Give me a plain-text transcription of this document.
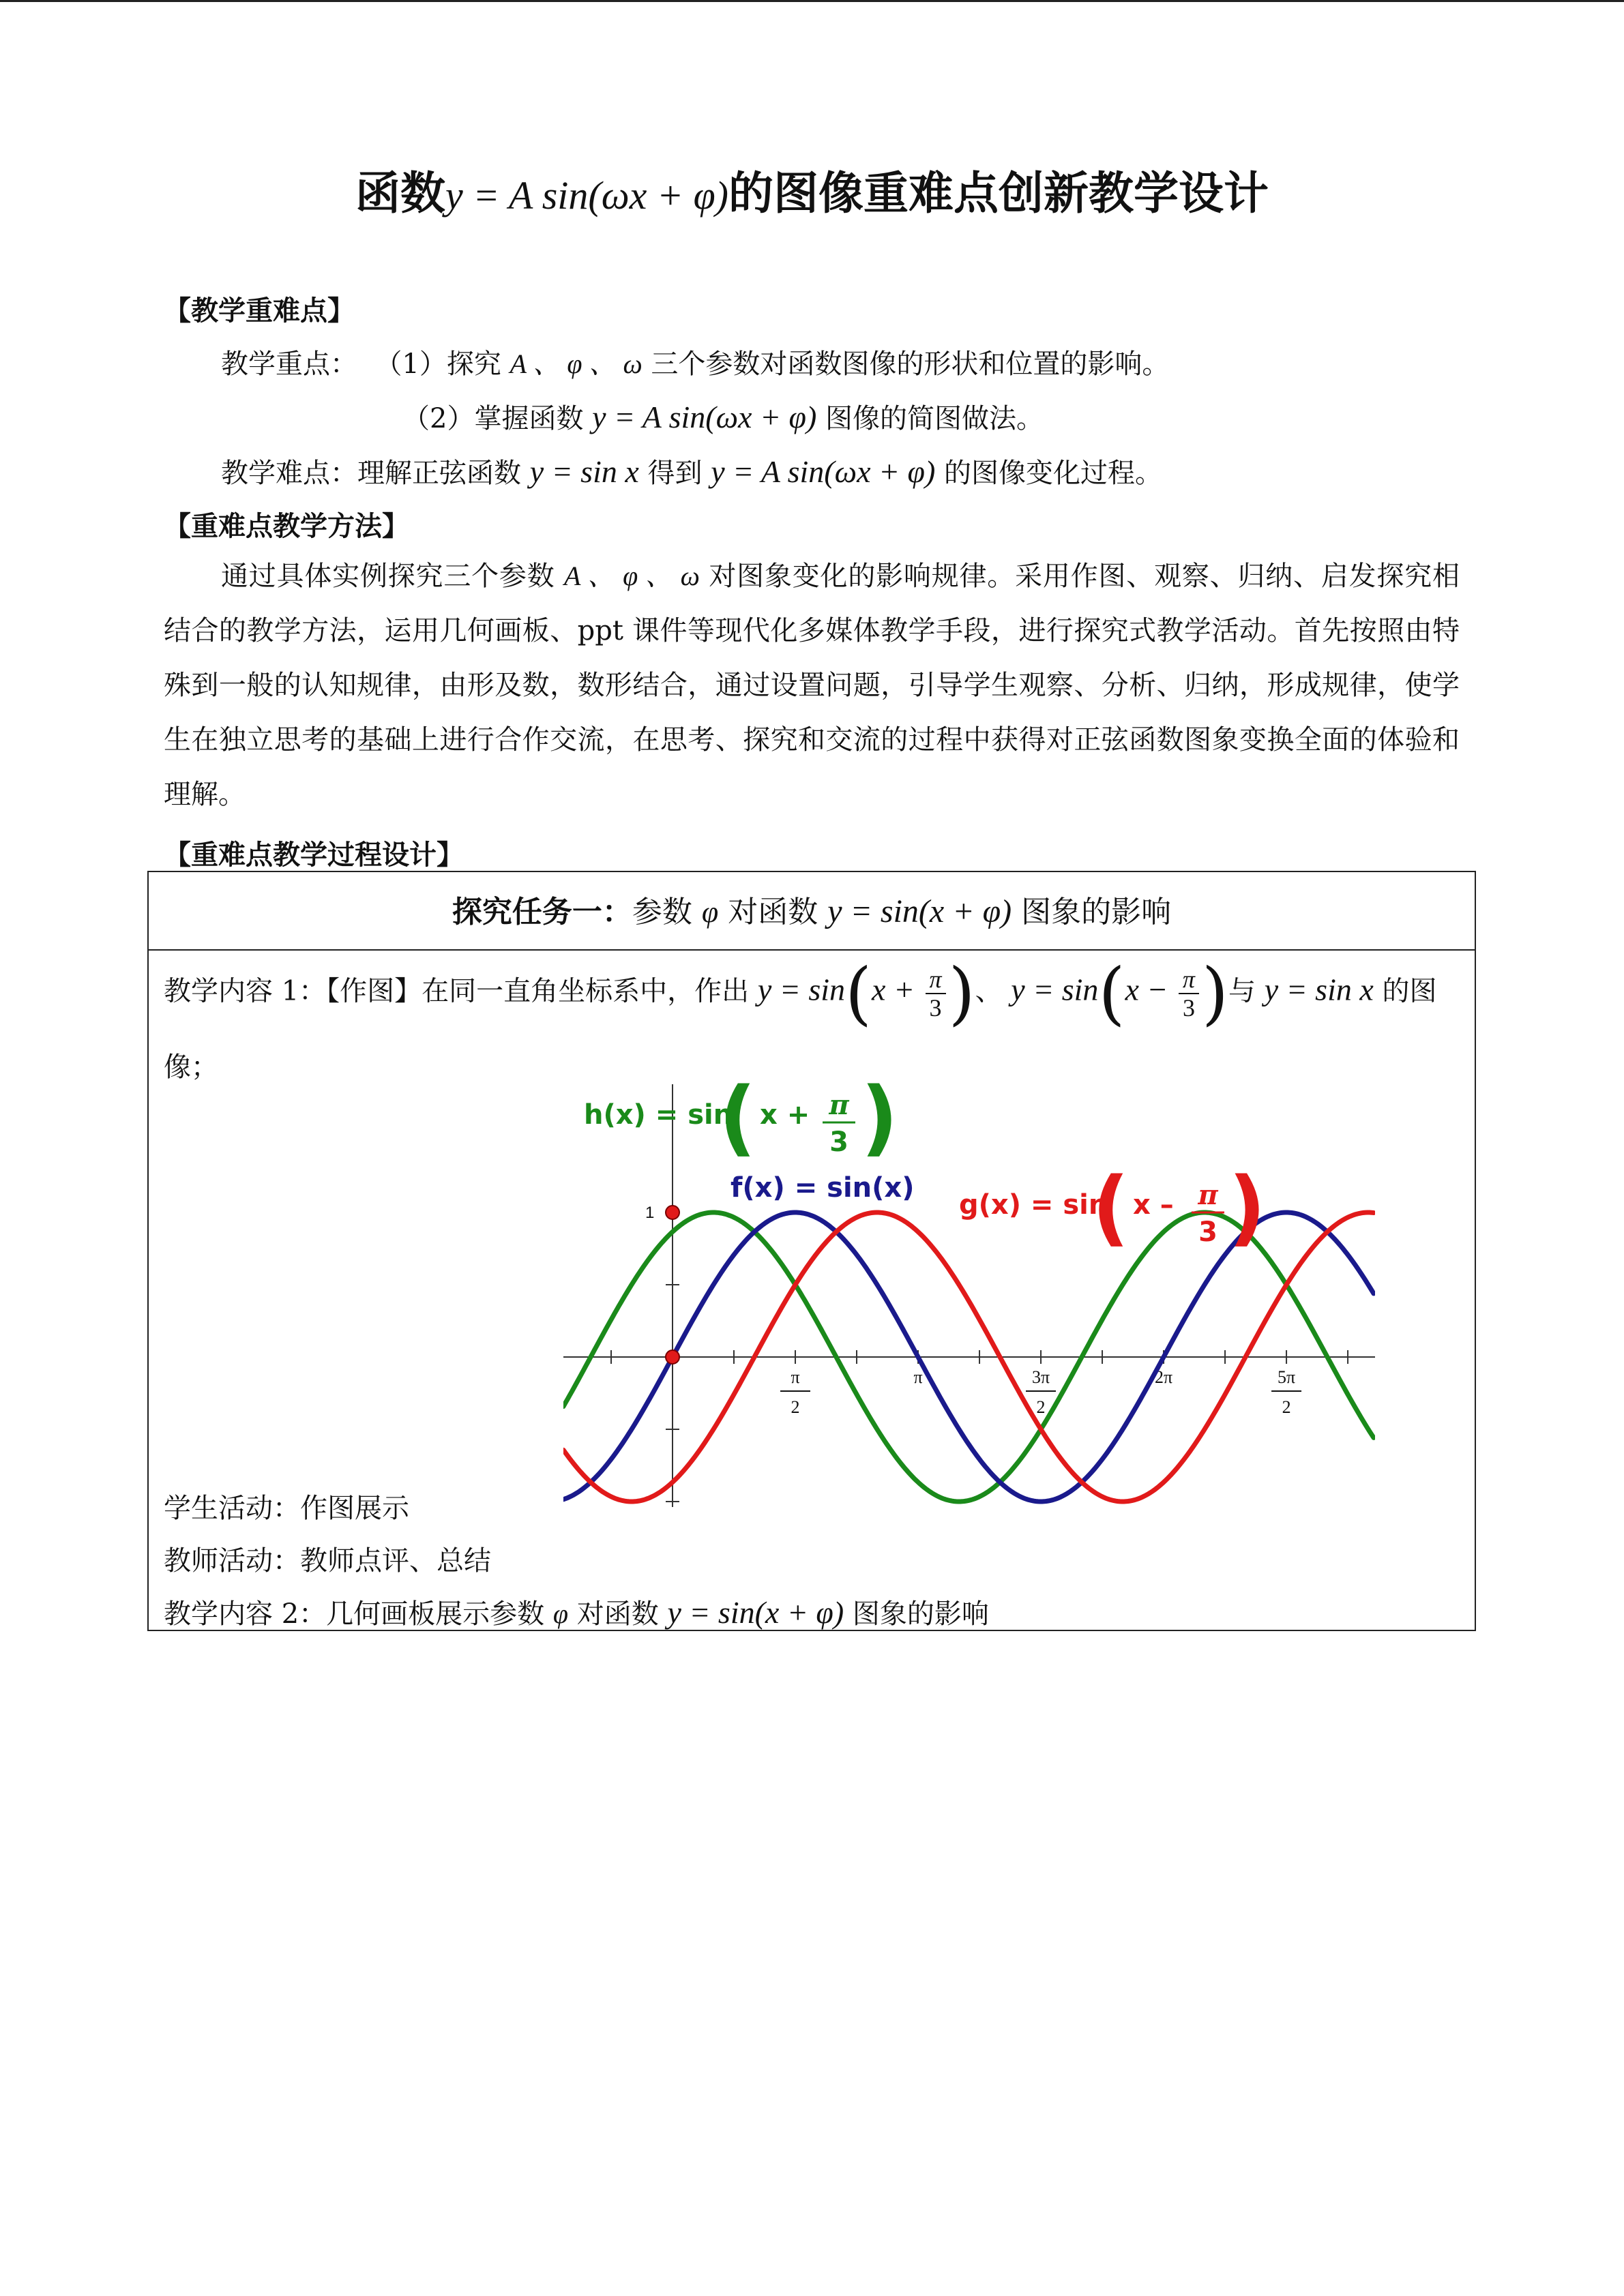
函数y = A sin(ωx + φ)的图像重难点创新教学设计
【教学重难点】
教学重点： （1）探究 A 、 φ 、 ω 三个参数对函数图像的形状和位置的影响。
（2）掌握函数 y = A sin(ωx + φ) 图像的简图做法。
教学难点：理解正弦函数 y = sin x 得到 y = A sin(ωx + φ) 的图像变化过程。
【重难点教学方法】
通过具体实例探究三个参数 A 、 φ 、 ω 对图象变化的影响规律。采用作图、观察、归纳、启发探究相结合的教学方法，运用几何画板、ppt 课件等现代化多媒体教学手段，进行探究式教学活动。首先按照由特殊到一般的认知规律，由形及数，数形结合，通过设置问题，引导学生观察、分析、归纳，形成规律，使学生在独立思考的基础上进行合作交流，在思考、探究和交流的过程中获得对正弦函数图象变换全面的体验和理解。
【重难点教学过程设计】
探究任务一：参数 φ 对函数 y = sin(x + φ) 图象的影响
教学内容 1：【作图】在同一直角坐标系中，作出 $y = \sin(x + \frac{\pi}{3}$ )、 $y = \sin(x - \frac{\pi}{3}$ )与 y = sin x 的图
像；
1
π
2
π	3π
2
2π	5π
2
h(x) = sin
( x + π
3 )
f(x) = sin(x)
g(x) = sin
( x – π
3 )
学生活动：作图展示
教师活动：教师点评、总结
教学内容 2：几何画板展示参数 φ 对函数 y = sin(x + φ) 图象的影响
